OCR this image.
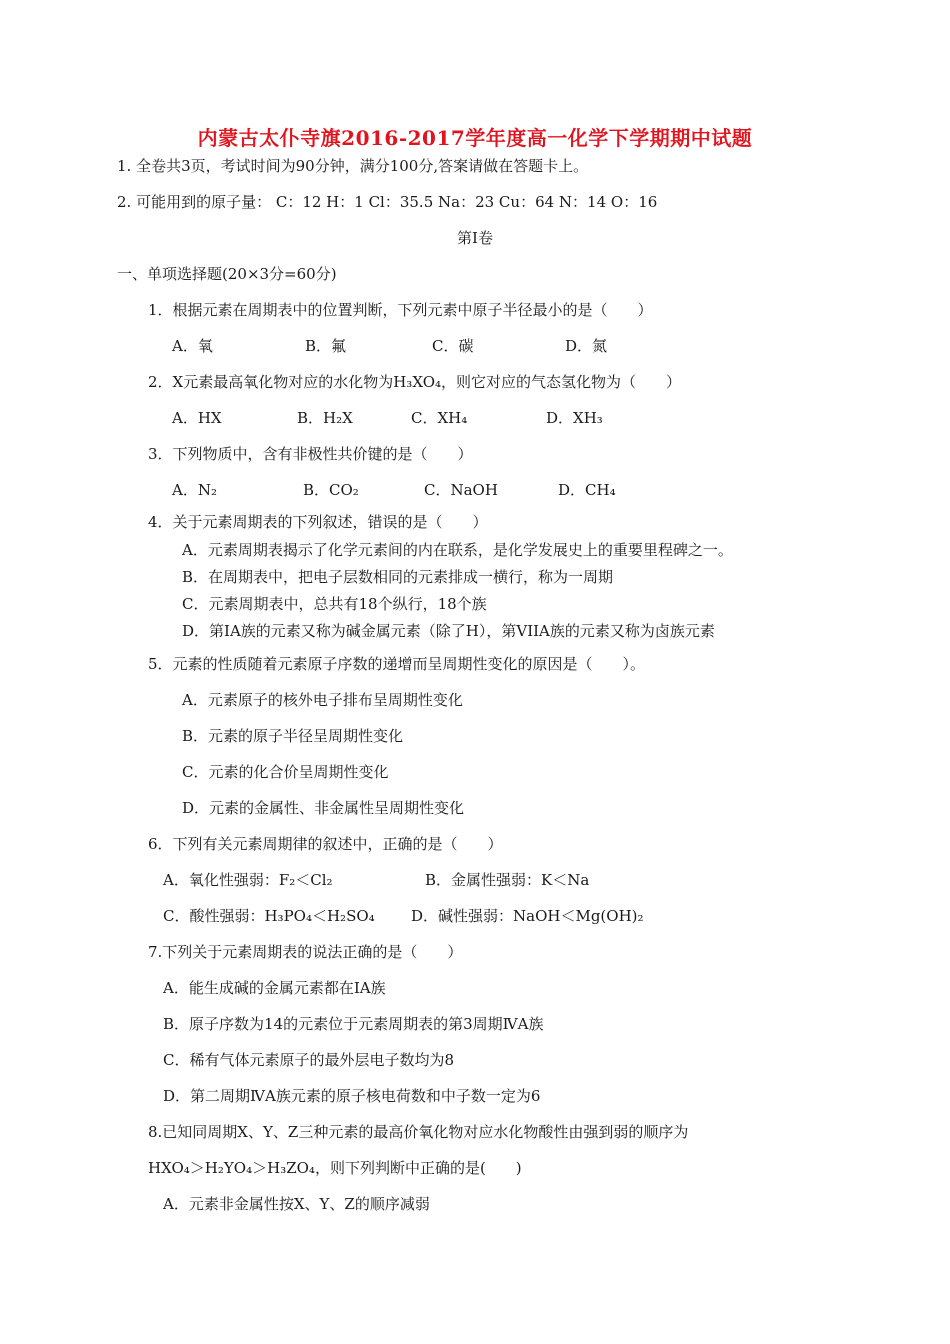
内蒙古太仆寺旗2016-2017学年度高一化学下学期期中试题
1. 全卷共3页，考试时间为90分钟，满分100分,答案请做在答题卡上。
2. 可能用到的原子量： C：12 H：1 Cl：35.5 Na：23 Cu：64 N：14 O：16
第Ⅰ卷
一、单项选择题(20×3分=60分)
1．根据元素在周期表中的位置判断，下列元素中原子半径最小的是（　　）
A．氧	B．氟	C．碳	D．氮
2．X元素最高氧化物对应的水化物为H₃XO₄，则它对应的气态氢化物为（　　）
A．HX	B．H₂X	C．XH₄	D．XH₃
3．下列物质中，含有非极性共价键的是（　　）
A．N₂	B．CO₂	C．NaOH	D．CH₄
4．关于元素周期表的下列叙述，错误的是（　　）
A．元素周期表揭示了化学元素间的内在联系，是化学发展史上的重要里程碑之一。
B．在周期表中，把电子层数相同的元素排成一横行，称为一周期
C．元素周期表中，总共有18个纵行，18个族
D．第IA族的元素又称为碱金属元素（除了H），第VIIA族的元素又称为卤族元素
5．元素的性质随着元素原子序数的递增而呈周期性变化的原因是（　　）。
A．元素原子的核外电子排布呈周期性变化
B．元素的原子半径呈周期性变化
C．元素的化合价呈周期性变化
D．元素的金属性、非金属性呈周期性变化
6．下列有关元素周期律的叙述中，正确的是（　　）
A．氧化性强弱：F₂＜Cl₂	B．金属性强弱：K＜Na
C．酸性强弱：H₃PO₄＜H₂SO₄ D．碱性强弱：NaOH＜Mg(OH)₂
7.下列关于元素周期表的说法正确的是（　　）
A．能生成碱的金属元素都在ⅠA族
B．原子序数为14的元素位于元素周期表的第3周期ⅣA族
C．稀有气体元素原子的最外层电子数均为8
D．第二周期ⅣA族元素的原子核电荷数和中子数一定为6
8.已知同周期X、Y、Z三种元素的最高价氧化物对应水化物酸性由强到弱的顺序为
HXO₄＞H₂YO₄＞H₃ZO₄，则下列判断中正确的是(　　)
A．元素非金属性按X、Y、Z的顺序减弱
